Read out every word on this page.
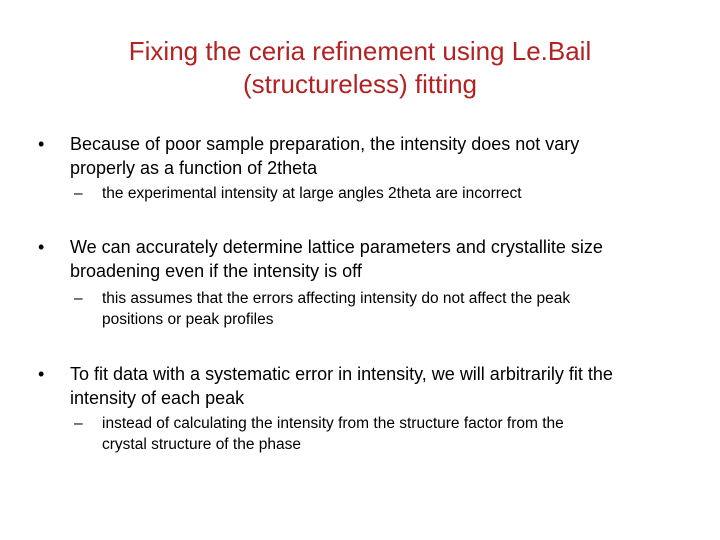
Fixing the ceria refinement using Le.Bail
(structureless) fitting
• Because of poor sample preparation, the intensity does not vary
properly as a function of 2theta
– the experimental intensity at large angles 2theta are incorrect
• We can accurately determine lattice parameters and crystallite size
broadening even if the intensity is off
– this assumes that the errors affecting intensity do not affect the peak
positions or peak profiles
• To fit data with a systematic error in intensity, we will arbitrarily fit the
intensity of each peak
– instead of calculating the intensity from the structure factor from the
crystal structure of the phase
